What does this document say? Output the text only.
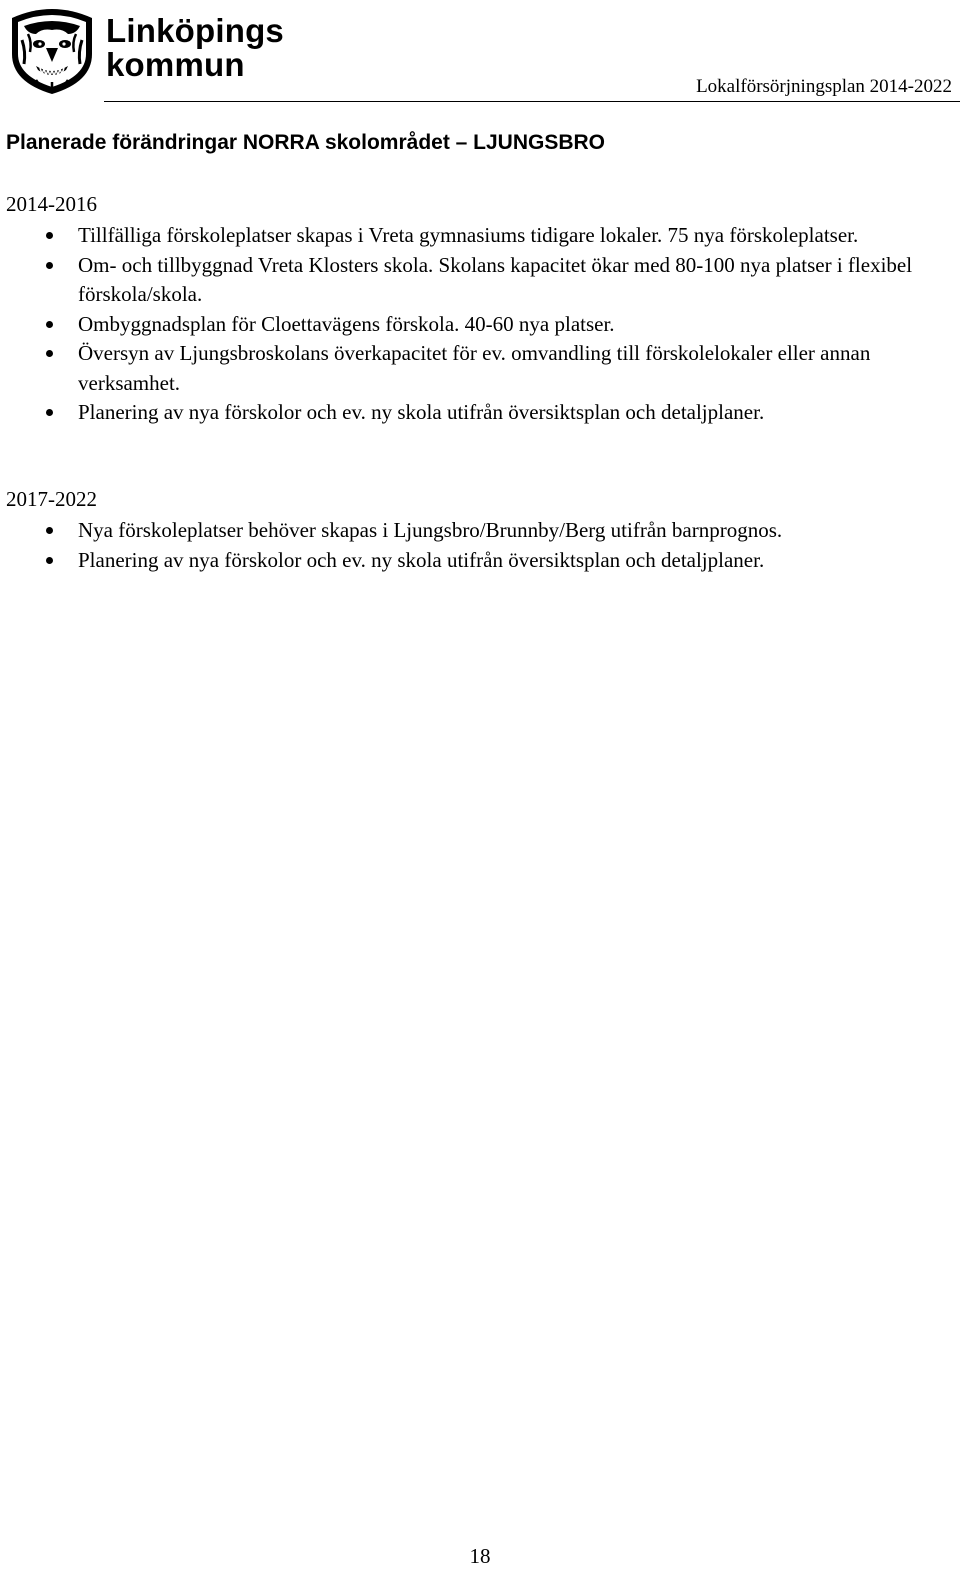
Linköpings
kommun
Lokalförsörjningsplan 2014-2022
Planerade förändringar NORRA skolområdet – LJUNGSBRO

2014-2016

Tillfälliga förskoleplatser skapas i Vreta gymnasiums tidigare lokaler. 75 nya förskoleplatser.
Om- och tillbyggnad Vreta Klosters skola. Skolans kapacitet ökar med 80-100 nya platser i flexibel förskola/skola.
Ombyggnadsplan för Cloettavägens förskola. 40-60 nya platser.
Översyn av Ljungsbroskolans överkapacitet för ev. omvandling till förskolelokaler eller annan verksamhet.
Planering av nya förskolor och ev. ny skola utifrån översiktsplan och detaljplaner.

2017-2022

Nya förskoleplatser behöver skapas i Ljungsbro/Brunnby/Berg utifrån barnprognos.
Planering av nya förskolor och ev. ny skola utifrån översiktsplan och detaljplaner.
18
